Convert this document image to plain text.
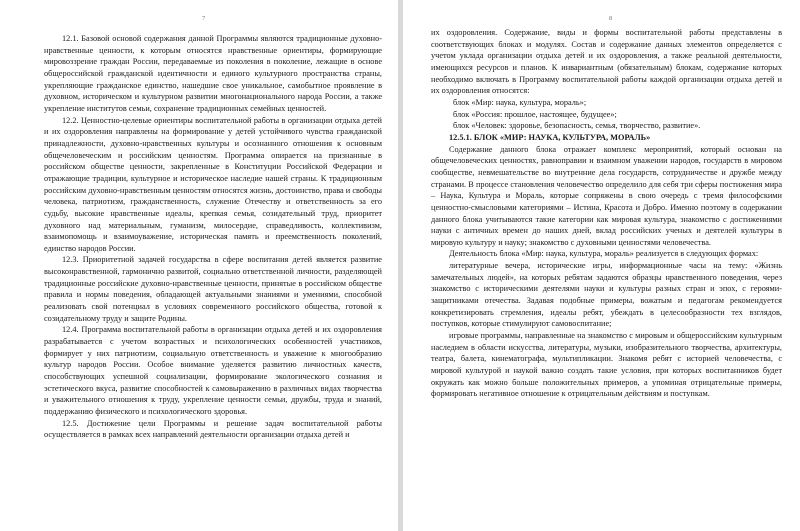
7

12.1. Базовой основой содержания данной Программы являются традиционные духовно-нравственные ценности, к которым относятся нравственные ориентиры, формирующие мировоззрение граждан России, передаваемые из поколения в поколение, лежащие в основе общероссийской гражданской идентичности и единого культурного пространства страны, укрепляющие гражданское единство, нашедшие свое уникальное, самобытное проявление в духовном, историческом и культурном развитии многонационального народа России, а также укрепление институтов семьи, сохранение традиционных семейных ценностей.

12.2. Ценностно-целевые ориентиры воспитательной работы в организации отдыха детей и их оздоровления направлены на формирование у детей устойчивого чувства гражданской принадлежности, духовно-нравственных культуры и осознанного отношения к основным общечеловеческим и российским ценностям. Программа опирается на признанные в российском обществе ценности, закрепленные в Конституции Российской Федерации и отражающие традиции, культурное и историческое наследие нашей страны. К традиционным российским духовно-нравственным ценностям относятся жизнь, достоинство, права и свободы человека, патриотизм, гражданственность, служение Отечеству и ответственность за его судьбу, высокие нравственные идеалы, крепкая семья, созидательный труд, приоритет духовного над материальным, гуманизм, милосердие, справедливость, коллективизм, взаимопомощь и взаимоуважение, историческая память и преемственность поколений, единство народов России.

12.3. Приоритетной задачей государства в сфере воспитания детей является развитие высоконравственной, гармонично развитой, социально ответственной личности, разделяющей традиционные российские духовно-нравственные ценности, принятые в российском обществе правила и нормы поведения, обладающей актуальными знаниями и умениями, способной реализовать свой потенциал в условиях современного российского общества, готовой к созидательному труду и защите Родины.

12.4. Программа воспитательной работы в организации отдыха детей и их оздоровления разрабатывается с учетом возрастных и психологических особенностей участников, формирует у них патриотизм, социальную ответственность и уважение к многообразию культур народов России. Особое внимание уделяется развитию личностных качеств, способствующих успешной социализации, формирование экологического сознания и эстетического вкуса, развитие способностей к самовыражению в различных видах творчества и уважительного отношения к труду, укрепление ценности семьи, дружбы, труда и знаний, поддержанию физического и психологического здоровья.

12.5. Достижение цели Программы и решение задач воспитательной работы осуществляется в рамках всех направлений деятельности организации отдыха детей и

8

их оздоровления. Содержание, виды и формы воспитательной работы представлены в соответствующих блоках и модулях. Состав и содержание данных элементов определяется с учетом уклада организации отдыха детей и их оздоровления, а также реальной деятельности, имеющихся ресурсов и планов. К инвариантным (обязательным) блокам, содержание которых необходимо включать в Программу воспитательной работы каждой организации отдыха детей и их оздоровления относятся:

блок «Мир: наука, культура, мораль»;

блок «Россия: прошлое, настоящее, будущее»;

блок «Человек: здоровье, безопасность, семья, творчество, развитие».

12.5.1. БЛОК «МИР: НАУКА, КУЛЬТУРА, МОРАЛЬ»

Содержание данного блока отражает комплекс мероприятий, который основан на общечеловеческих ценностях, равноправии и взаимном уважении народов, государств в мировом сообществе, невмешательстве во внутренние дела государств, сотрудничестве и дружбе между странами. В процессе становления человечество определило для себя три сферы постижения мира – Наука, Культура и Мораль, которые сопряжены в свою очередь с тремя философскими ценностно-смысловыми категориями – Истина, Красота и Добро. Именно поэтому в содержании данного блока учитываются такие категории как мировая культура, знакомство с достижениями науки с античных времен до наших дней, вклад российских ученых и деятелей культуры в мировую культуру и науку; знакомство с духовными ценностями человечества.

Деятельность блока «Мир: наука, культура, мораль» реализуется в следующих формах:

литературные вечера, исторические игры, информационные часы на тему: «Жизнь замечательных людей», на которых ребятам задаются образцы нравственного поведения, через знакомство с историческими деятелями науки и культуры разных стран и эпох, с героями-защитниками отечества. Задавая подобные примеры, вожатым и педагогам рекомендуется конкретизировать стремления, идеалы ребят, убеждать в целесообразности тех взглядов, поступков, которые стимулируют самовоспитание;

игровые программы, направленные на знакомство с мировым и общероссийским культурным наследием в области искусства, литературы, музыки, изобразительного творчества, архитектуры, театра, балета, кинематографа, мультипликации. Знакомя ребят с историей человечества, с мировой культурой и наукой важно создать такие условия, при которых воспитанников будет окружать как можно больше положительных примеров, а упоминая отрицательные примеры, формировать негативное отношение к отрицательным действиям и поступкам.
